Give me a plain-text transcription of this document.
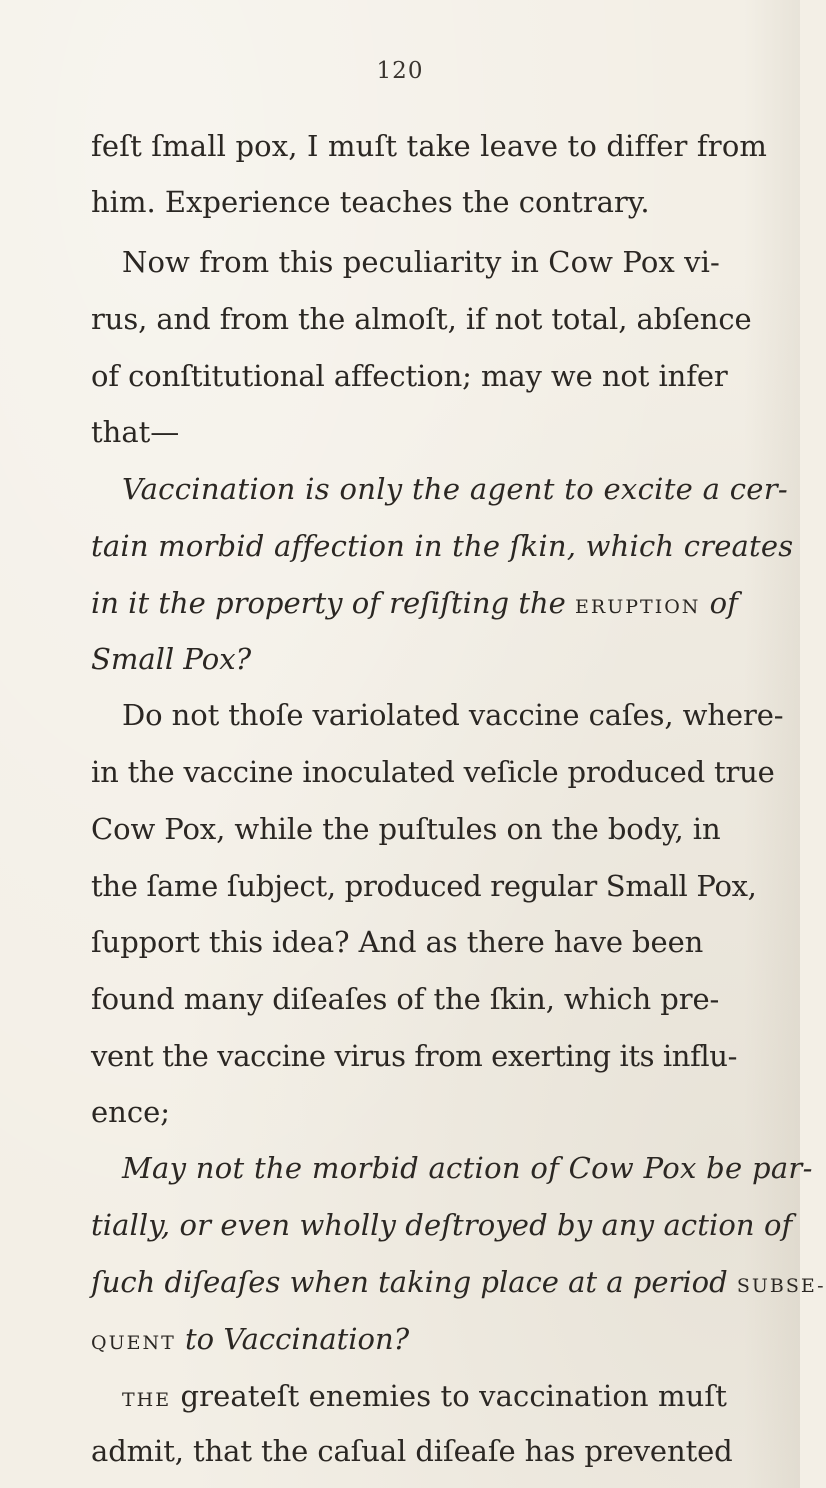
120
feſt ſmall pox, I muſt take leave to differ from
him. Experience teaches the contrary.
Now from this peculiarity in Cow Pox vi-
rus, and from the almoſt, if not total, abſence
of conſtitutional affection; may we not infer
that—
Vaccination is only the agent to excite a cer-
tain morbid affection in the ſkin, which creates
in it the property of reſiſting the ERUPTION of
Small Pox?
Do not thoſe variolated vaccine caſes, where-
in the vaccine inoculated veſicle produced true
Cow Pox, while the puſtules on the body, in
the ſame ſubject, produced regular Small Pox,
ſupport this idea? And as there have been
found many diſeaſes of the ſkin, which pre-
vent the vaccine virus from exerting its influ-
ence;
May not the morbid action of Cow Pox be par-
tially, or even wholly deſtroyed by any action of
ſuch diſeaſes when taking place at a period SUBSE-
QUENT to Vaccination?
THE greateſt enemies to vaccination muſt
admit, that the caſual diſeaſe has prevented
